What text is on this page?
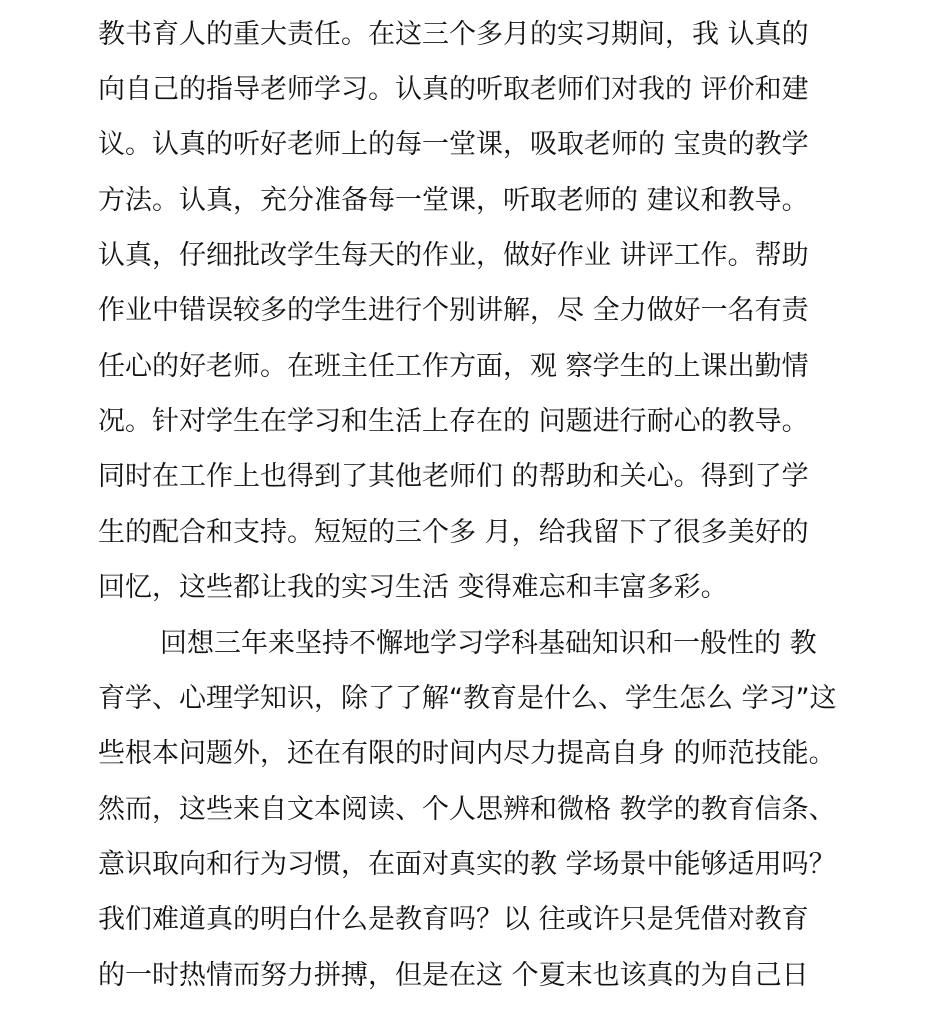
教书育人的重大责任。在这三个多月的实习期间，我 认真的
向自己的指导老师学习。认真的听取老师们对我的 评价和建
议。认真的听好老师上的每一堂课，吸取老师的 宝贵的教学
方法。认真，充分准备每一堂课，听取老师的 建议和教导。
认真，仔细批改学生每天的作业，做好作业 讲评工作。帮助
作业中错误较多的学生进行个别讲解，尽 全力做好一名有责
任心的好老师。在班主任工作方面，观 察学生的上课出勤情
况。针对学生在学习和生活上存在的 问题进行耐心的教导。
同时在工作上也得到了其他老师们 的帮助和关心。得到了学
生的配合和支持。短短的三个多 月，给我留下了很多美好的
回忆，这些都让我的实习生活 变得难忘和丰富多彩。
回想三年来坚持不懈地学习学科基础知识和一般性的 教
育学、心理学知识，除了了解“教育是什么、学生怎么 学习”这
些根本问题外，还在有限的时间内尽力提高自身 的师范技能。
然而，这些来自文本阅读、个人思辨和微格 教学的教育信条、
意识取向和行为习惯，在面对真实的教 学场景中能够适用吗？
我们难道真的明白什么是教育吗？以 往或许只是凭借对教育
的一时热情而努力拼搏，但是在这 个夏末也该真的为自己日
